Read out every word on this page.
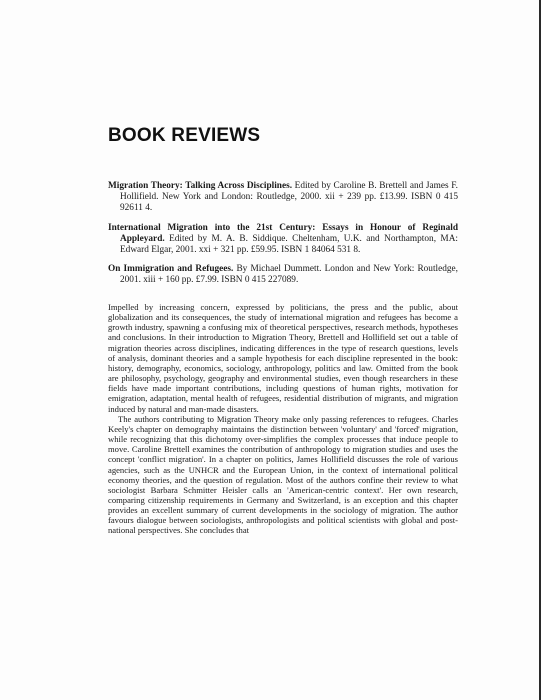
BOOK REVIEWS
Migration Theory: Talking Across Disciplines. Edited by Caroline B. Brettell and James F. Hollifield. New York and London: Routledge, 2000. xii + 239 pp. £13.99. ISBN 0 415 92611 4.
International Migration into the 21st Century: Essays in Honour of Reginald Appleyard. Edited by M. A. B. Siddique. Cheltenham, U.K. and Northampton, MA: Edward Elgar, 2001. xxi + 321 pp. £59.95. ISBN 1 84064 531 8.
On Immigration and Refugees. By Michael Dummett. London and New York: Routledge, 2001. xiii + 160 pp. £7.99. ISBN 0 415 227089.

Impelled by increasing concern, expressed by politicians, the press and the public, about globalization and its consequences, the study of international migration and refugees has become a growth industry, spawning a confusing mix of theoretical perspectives, research methods, hypotheses and conclusions. In their introduction to Migration Theory, Brettell and Hollifield set out a table of migration theories across disciplines, indicating differences in the type of research questions, levels of analysis, dominant theories and a sample hypothesis for each discipline represented in the book: history, demography, economics, sociology, anthropology, politics and law. Omitted from the book are philosophy, psychology, geography and environmental studies, even though researchers in these fields have made important contributions, including questions of human rights, motivation for emigration, adaptation, mental health of refugees, residential distribution of migrants, and migration induced by natural and man-made disasters.

The authors contributing to Migration Theory make only passing references to refugees. Charles Keely's chapter on demography maintains the distinction between 'voluntary' and 'forced' migration, while recognizing that this dichotomy over-simplifies the complex processes that induce people to move. Caroline Brettell examines the contribution of anthropology to migration studies and uses the concept 'conflict migration'. In a chapter on politics, James Hollifield discusses the role of various agencies, such as the UNHCR and the European Union, in the context of international political economy theories, and the question of regulation. Most of the authors confine their review to what sociologist Barbara Schmitter Heisler calls an 'American-centric context'. Her own research, comparing citizenship requirements in Germany and Switzerland, is an exception and this chapter provides an excellent summary of current developments in the sociology of migration. The author favours dialogue between sociologists, anthropologists and political scientists with global and post-national perspectives. She concludes that
